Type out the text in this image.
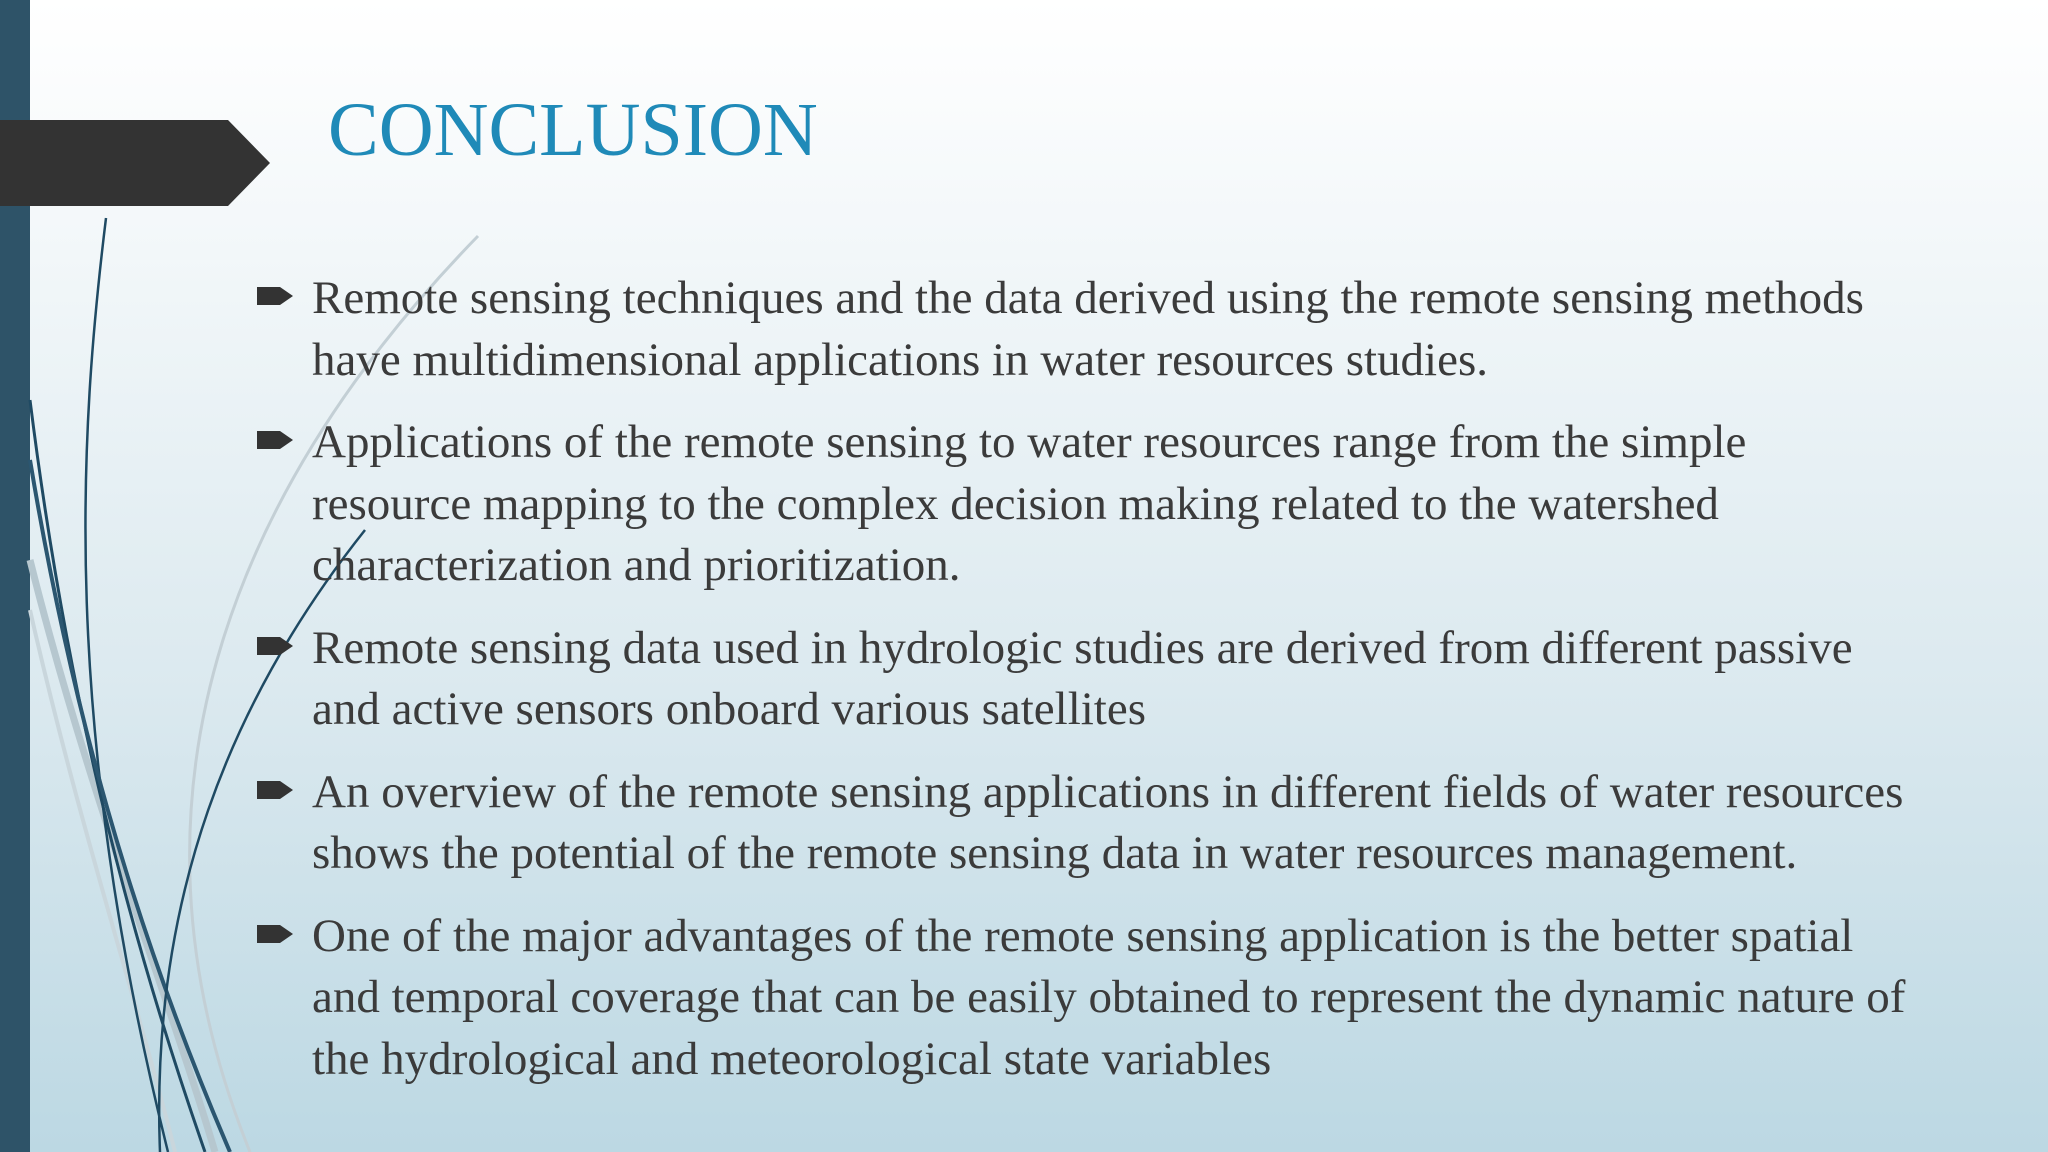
CONCLUSION
Remote sensing techniques and the data derived using the remote sensing methods have multidimensional applications in water resources studies.
Applications of the remote sensing to water resources range from the simple resource mapping to the complex decision making related to the watershed characterization and prioritization.
Remote sensing data used in hydrologic studies are derived from different passive and active sensors onboard various satellites
An overview of the remote sensing applications in different fields of water resources shows the potential of the remote sensing data in water resources management.
One of the major advantages of the remote sensing application is the better spatial and temporal coverage that can be easily obtained to represent the dynamic nature of the hydrological and meteorological state variables
